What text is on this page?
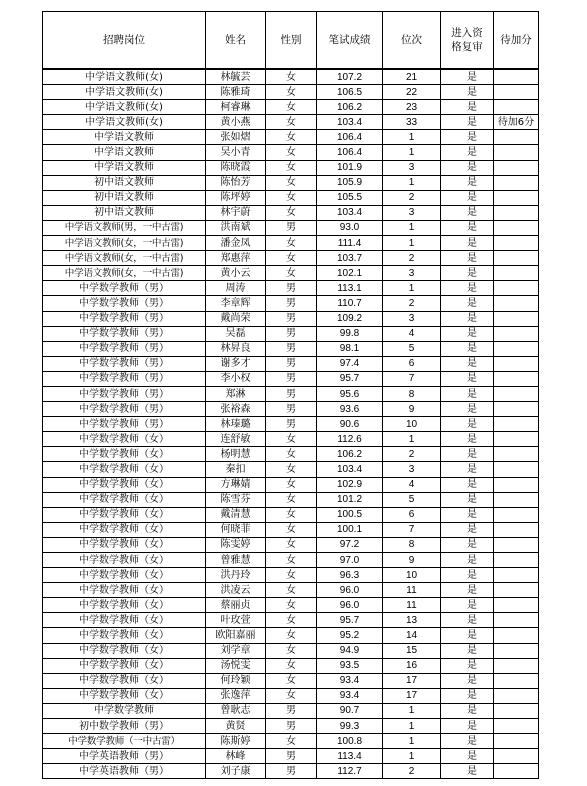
招聘岗位	姓名	性别	笔试成绩	位次	进入资格复审	待加分
中学语文教师(女)	林毓芸	女	107.2	21	是	
中学语文教师(女)	陈雅琦	女	106.5	22	是	
中学语文教师(女)	柯睿琳	女	106.2	23	是	
中学语文教师(女)	黄小燕	女	103.4	33	是	待加6分
中学语文教师	张如熠	女	106.4	1	是	
中学语文教师	吴小青	女	106.4	1	是	
中学语文教师	陈晓霞	女	101.9	3	是	
初中语文教师	陈怡芳	女	105.9	1	是	
初中语文教师	陈坪婷	女	105.5	2	是	
初中语文教师	林宇蔚	女	103.4	3	是	
中学语文教师(男，一中古雷)	洪南斌	男	93.0	1	是	
中学语文教师(女，一中古雷)	潘金凤	女	111.4	1	是	
中学语文教师(女，一中古雷)	郑惠萍	女	103.7	2	是	
中学语文教师(女，一中古雷)	黄小云	女	102.1	3	是	
中学数学教师（男）	周涛	男	113.1	1	是	
中学数学教师（男）	李章辉	男	110.7	2	是	
中学数学教师（男）	戴尚荣	男	109.2	3	是	
中学数学教师（男）	吴磊	男	99.8	4	是	
中学数学教师（男）	林昇良	男	98.1	5	是	
中学数学教师（男）	谢多才	男	97.4	6	是	
中学数学教师（男）	李小权	男	95.7	7	是	
中学数学教师（男）	郑淋	男	95.6	8	是	
中学数学教师（男）	张裕森	男	93.6	9	是	
中学数学教师（男）	林瑧璐	男	90.6	10	是	
中学数学教师（女）	连舒敏	女	112.6	1	是	
中学数学教师（女）	杨明慧	女	106.2	2	是	
中学数学教师（女）	秦扣	女	103.4	3	是	
中学数学教师（女）	方琳婧	女	102.9	4	是	
中学数学教师（女）	陈雪芬	女	101.2	5	是	
中学数学教师（女）	戴清慧	女	100.5	6	是	
中学数学教师（女）	何晓菲	女	100.1	7	是	
中学数学教师（女）	陈雯婷	女	97.2	8	是	
中学数学教师（女）	曾雅慧	女	97.0	9	是	
中学数学教师（女）	洪丹玲	女	96.3	10	是	
中学数学教师（女）	洪凌云	女	96.0	11	是	
中学数学教师（女）	蔡丽贞	女	96.0	11	是	
中学数学教师（女）	叶玫萱	女	95.7	13	是	
中学数学教师（女）	欧阳嘉丽	女	95.2	14	是	
中学数学教师（女）	刘学章	女	94.9	15	是	
中学数学教师（女）	汤悦雯	女	93.5	16	是	
中学数学教师（女）	何玲颖	女	93.4	17	是	
中学数学教师（女）	张逸萍	女	93.4	17	是	
中学数学教师	曾耿志	男	90.7	1	是	
初中数学教师（男）	黄贤	男	99.3	1	是	
中学数学教师（一中古雷）	陈斯婷	女	100.8	1	是	
中学英语教师（男）	林峰	男	113.4	1	是	
中学英语教师（男）	刘子康	男	112.7	2	是	
